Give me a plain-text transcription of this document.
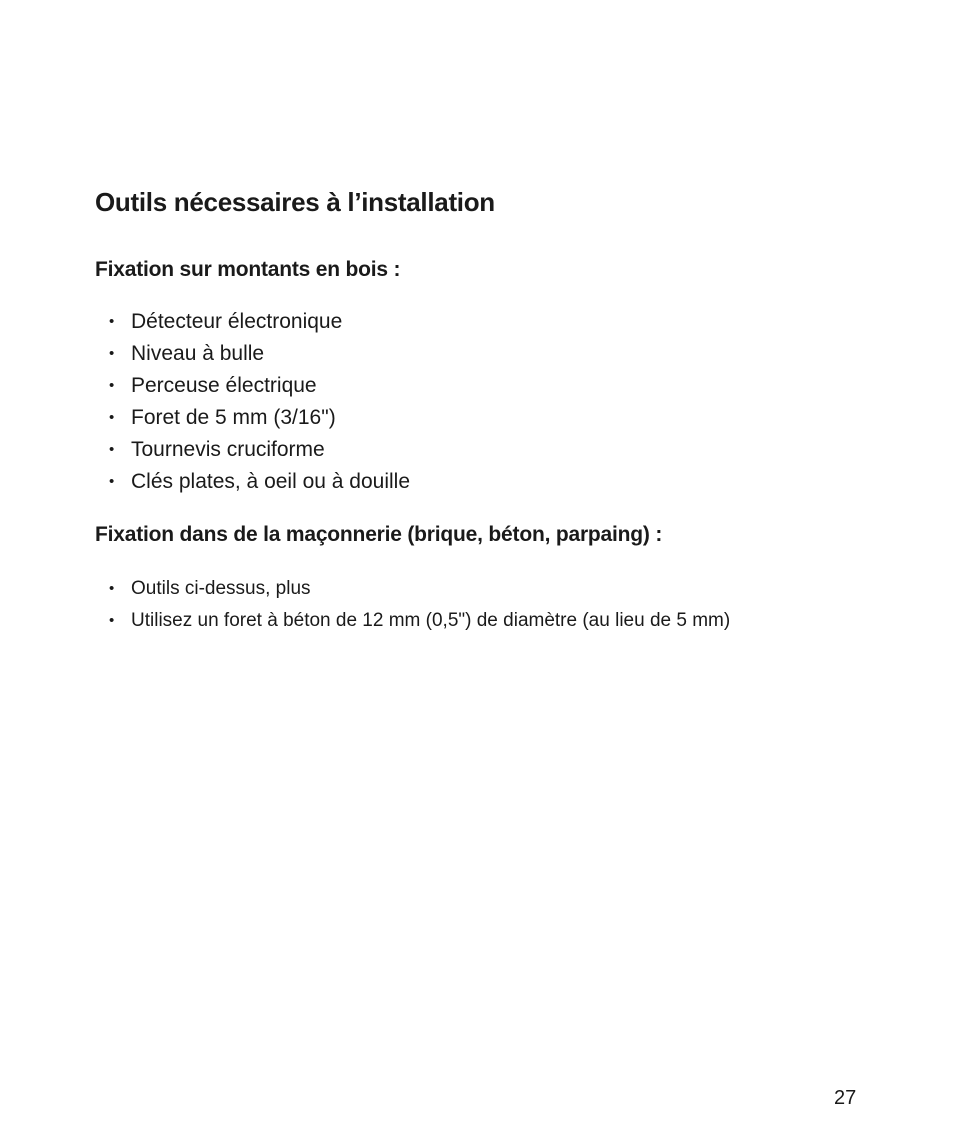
Outils nécessaires à l’installation
Fixation sur montants en bois :
• Détecteur électronique
• Niveau à bulle
• Perceuse électrique
• Foret de 5 mm (3/16")
• Tournevis cruciforme
• Clés plates, à oeil ou à douille
Fixation dans de la maçonnerie (brique, béton, parpaing) :
• Outils ci-dessus, plus
• Utilisez un foret à béton de 12 mm (0,5") de diamètre (au lieu de 5 mm)
27
